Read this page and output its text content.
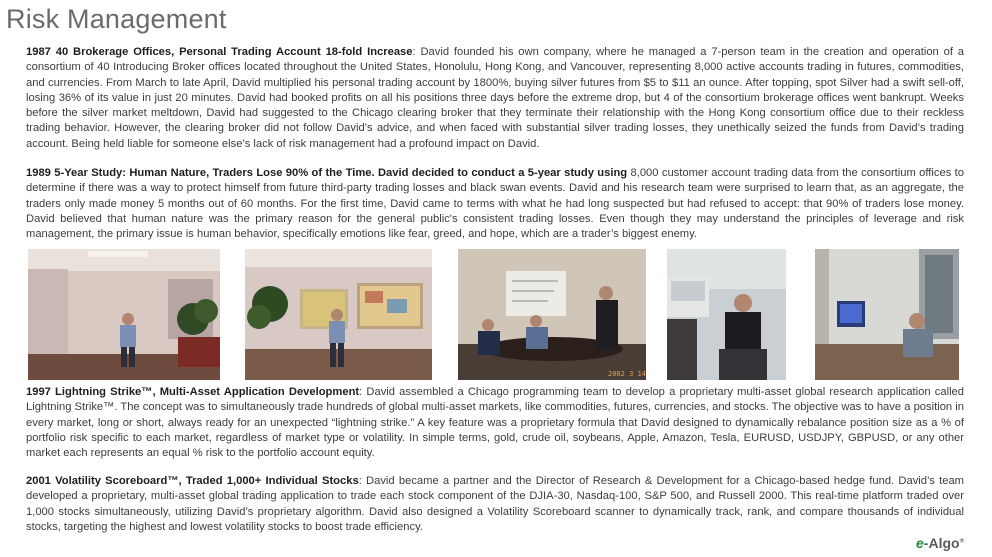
Risk Management

1987 40 Brokerage Offices, Personal Trading Account 18-fold Increase: David founded his own company, where he managed a 7-person team in the creation and operation of a consortium of 40 Introducing Broker offices located throughout the United States, Honolulu, Hong Kong, and Vancouver, representing 8,000 active accounts trading in futures, commodities, and currencies. From March to late April, David multiplied his personal trading account by 1800%, buying silver futures from $5 to $11 an ounce. After topping, spot Silver had a swift sell-off, losing 36% of its value in just 20 minutes. David had booked profits on all his positions three days before the extreme drop, but 4 of the consortium brokerage offices went bankrupt. Weeks before the silver market meltdown, David had suggested to the Chicago clearing broker that they terminate their relationship with the Hong Kong consortium office due to their reckless trading behavior. However, the clearing broker did not follow David’s advice, and when faced with substantial silver trading losses, they unethically seized the funds from David’s trading account. Being held liable for someone else’s lack of risk management had a profound impact on David.

1989 5-Year Study: Human Nature, Traders Lose 90% of the Time. David decided to conduct a 5-year study using 8,000 customer account trading data from the consortium offices to determine if there was a way to protect himself from future third-party trading losses and black swan events. David and his research team were surprised to learn that, as an aggregate, the traders only made money 5 months out of 60 months. For the first time, David came to terms with what he had long suspected but had refused to accept: that 90% of traders lose money. David believed that human nature was the primary reason for the general public's consistent trading losses. Even though they may understand the principles of leverage and risk management, the primary issue is human behavior, specifically emotions like fear, greed, and hope, which are a trader’s biggest enemy.

2002 3 14

1997 Lightning Strike™, Multi-Asset Application Development: David assembled a Chicago programming team to develop a proprietary multi-asset global research application called Lightning Strike™. The concept was to simultaneously trade hundreds of global multi-asset markets, like commodities, futures, currencies, and stocks. The objective was to have a position in every market, long or short, always ready for an unexpected “lightning strike.” A key feature was a proprietary formula that David designed to dynamically rebalance position size as a % of portfolio risk specific to each market, regardless of market type or volatility. In simple terms, gold, crude oil, soybeans, Apple, Amazon, Tesla, EURUSD, USDJPY, GBPUSD, or any other market each represents an equal % risk to the portfolio account equity.

2001 Volatility Scoreboard™, Traded 1,000+ Individual Stocks: David became a partner and the Director of Research & Development for a Chicago-based hedge fund. David’s team developed a proprietary, multi-asset global trading application to trade each stock component of the DJIA-30, Nasdaq-100, S&P 500, and Russell 2000. This real-time platform traded over 1,000 stocks simultaneously, utilizing David’s proprietary algorithm. David also designed a Volatility Scoreboard scanner to dynamically track, rank, and compare thousands of individual stocks, targeting the highest and lowest volatility stocks to boost trade efficiency.

e-Algo®
